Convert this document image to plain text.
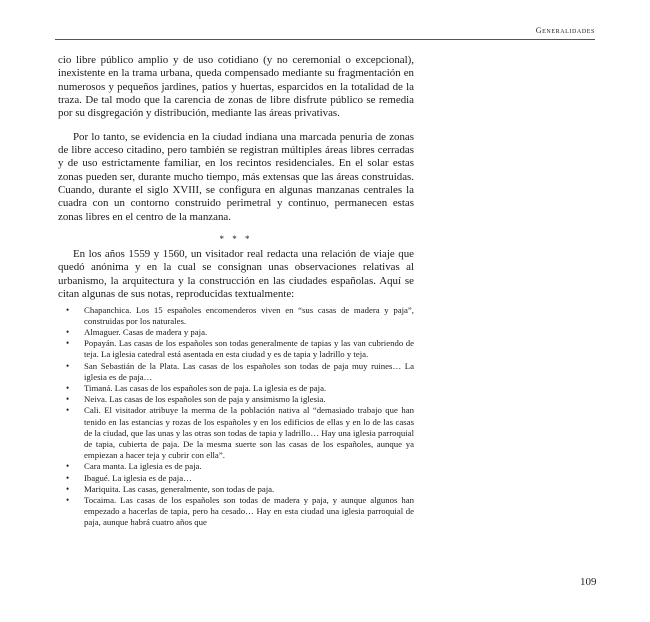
Generalidades

cio libre público amplio y de uso cotidiano (y no ceremonial o excepcional), inexistente en la trama urbana, queda compensado mediante su fragmentación en numerosos y pequeños jardines, patios y huertas, esparcidos en la totalidad de la traza. De tal modo que la carencia de zonas de libre disfrute público se remedia por su disgregación y distribución, mediante las áreas privativas.

Por lo tanto, se evidencia en la ciudad indiana una marcada penuria de zonas de libre acceso citadino, pero también se registran múltiples áreas libres cerradas y de uso estrictamente familiar, en los recintos residenciales. En el solar estas zonas pueden ser, durante mucho tiempo, más extensas que las áreas construidas. Cuando, durante el siglo XVIII, se configura en algunas manzanas centrales la cuadra con un contorno construido perimetral y continuo, permanecen estas zonas libres en el centro de la manzana.

* * *

En los años 1559 y 1560, un visitador real redacta una relación de viaje que quedó anónima y en la cual se consignan unas observaciones relativas al urbanismo, la arquitectura y la construcción en las ciudades españolas. Aquí se citan algunas de sus notas, reproducidas textualmente:

• Chapanchica. Los 15 españoles encomenderos viven en “sus casas de madera y paja”, construidas por los naturales.
• Almaguer. Casas de madera y paja.
• Popayán. Las casas de los españoles son todas generalmente de tapias y las van cubriendo de teja. La iglesia catedral está asentada en esta ciudad y es de tapia y ladrillo y teja.
• San Sebastián de la Plata. Las casas de los españoles son todas de paja muy ruines… La iglesia es de paja…
• Timaná. Las casas de los españoles son de paja. La iglesia es de paja.
• Neiva. Las casas de los españoles son de paja y ansimismo la iglesia.
• Cali. El visitador atribuye la merma de la población nativa al “demasiado trabajo que han tenido en las estancias y rozas de los españoles y en los edificios de ellas y en lo de las casas de la ciudad, que las unas y las otras son todas de tapia y ladrillo… Hay una iglesia parroquial de tapia, cubierta de paja. De la mesma suerte son las casas de los españoles, aunque ya empiezan a hacer teja y cubrir con ella”.
• Cara manta. La iglesia es de paja.
• Ibagué. La iglesia es de paja…
• Mariquita. Las casas, generalmente, son todas de paja.
• Tocaima. Las casas de los españoles son todas de madera y paja, y aunque algunos han empezado a hacerlas de tapia, pero ha cesado… Hay en esta ciudad una iglesia parroquial de paja, aunque habrá cuatro años que
109
